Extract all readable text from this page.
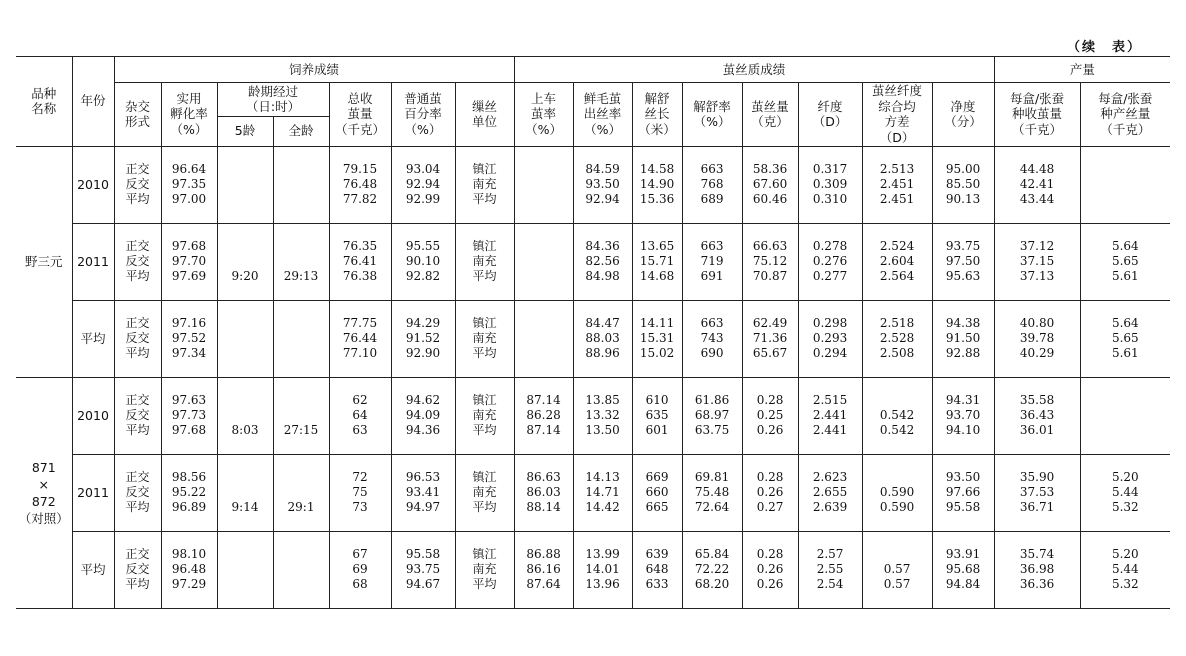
（续　表）
品种
名称	年份	饲养成绩							茧丝质成绩								产量	

		杂交
形式	实用
孵化率
（%）	龄期经过
（日:时）		总收
茧量
（千克）	普通茧
百分率
（%）	缫丝
单位	上车
茧率
（%）	鲜毛茧
出丝率
（%）	解舒
丝长
（米）	解舒率
（%）	茧丝量
（克）	纤度
（D）	茧丝纤度
综合均
方差
（D）	净度
（分）	每盒/张蚕
种收茧量
（千克）	每盒/张蚕
种产丝量
（千克）

				5龄	全龄													

野三元	2010	正交
反交
平均	96.64
97.35
97.00			79.15
76.48
77.82	93.04
92.94
92.99	镇江
南充
平均		84.59
93.50
92.94	14.58
14.90
15.36	663
768
689	58.36
67.60
60.46	0.317
0.309
0.310	2.513
2.451
2.451	95.00
85.50
90.13	44.48
42.41
43.44	

	2011	正交
反交
平均	97.68
97.70
97.69	9:20	29:13	76.35
76.41
76.38	95.55
90.10
92.82	镇江
南充
平均		84.36
82.56
84.98	13.65
15.71
14.68	663
719
691	66.63
75.12
70.87	0.278
0.276
0.277	2.524
2.604
2.564	93.75
97.50
95.63	37.12
37.15
37.13	5.64
5.65
5.61

	平均	正交
反交
平均	97.16
97.52
97.34			77.75
76.44
77.10	94.29
91.52
92.90	镇江
南充
平均		84.47
88.03
88.96	14.11
15.31
15.02	663
743
690	62.49
71.36
65.67	0.298
0.293
0.294	2.518
2.528
2.508	94.38
91.50
92.88	40.80
39.78
40.29	5.64
5.65
5.61

871
×
872
（对照）	2010	正交
反交
平均	97.63
97.73
97.68	8:03	27:15	62
64
63	94.62
94.09
94.36	镇江
南充
平均	87.14
86.28
87.14	13.85
13.32
13.50	610
635
601	61.86
68.97
63.75	0.28
0.25
0.26	2.515
2.441
2.441	0.542
0.542	94.31
93.70
94.10	35.58
36.43
36.01	

	2011	正交
反交
平均	98.56
95.22
96.89	9:14	29:1	72
75
73	96.53
93.41
94.97	镇江
南充
平均	86.63
86.03
88.14	14.13
14.71
14.42	669
660
665	69.81
75.48
72.64	0.28
0.26
0.27	2.623
2.655
2.639	0.590
0.590	93.50
97.66
95.58	35.90
37.53
36.71	5.20
5.44
5.32

	平均	正交
反交
平均	98.10
96.48
97.29			67
69
68	95.58
93.75
94.67	镇江
南充
平均	86.88
86.16
87.64	13.99
14.01
13.96	639
648
633	65.84
72.22
68.20	0.28
0.26
0.26	2.57
2.55
2.54	0.57
0.57	93.91
95.68
94.84	35.74
36.98
36.36	5.20
5.44
5.32
